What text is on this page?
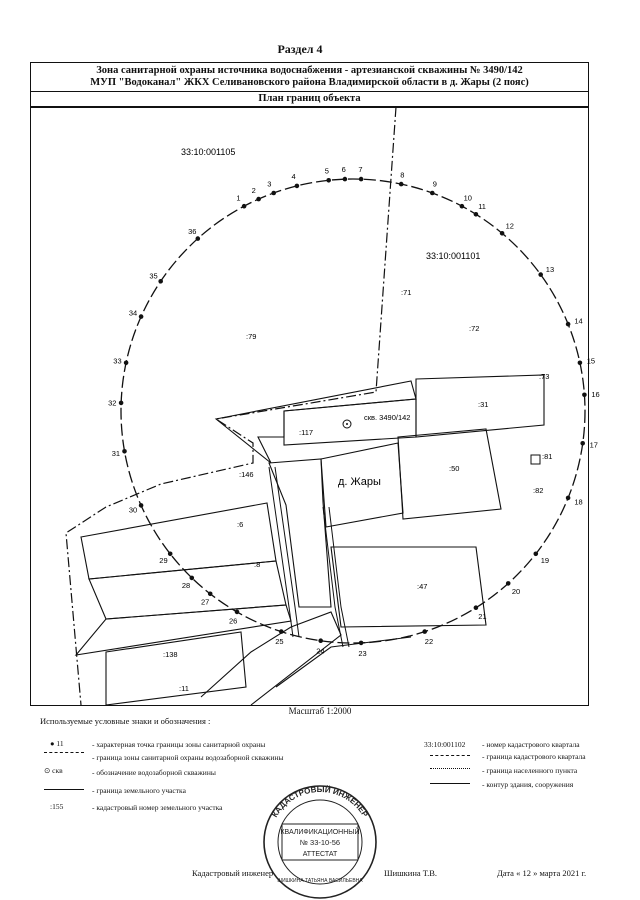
Раздел 4
Зона санитарной охраны источника водоснабжения - артезианской скважины № 3490/142
МУП "Водоканал" ЖКХ Селивановского района Владимирской области в д. Жары (2 пояс)
План границ объекта
скв. 3490/142
33:10:001105
33:10:001101
д. Жары
:79
:71
:72
:31
:73
:117
:146
:50
:6
:8
:47
:138
:11
:82
:81
1
2
3
4
5 6 7
8
9
10
11
12
13
14
15
16
17
18
19
20
21
22
23
24
25
26
27
28
29
30
31
32
33
34
35
36
Масштаб 1:2000
Используемые условные знаки и обозначения :
● 11	- характерная точка границы зоны санитарной охраны
- граница зоны санитарной охраны водозаборной скважины
⊙ скв	- обозначение водозаборной скважины
- граница земельного участка
:155	- кадастровый номер земельного участка
33:10:001102 - номер кадастрового квартала
- граница кадастрового квартала
- граница населенного пункта
- контур здания, сооружения
КАДАСТРОВЫЙ ИНЖЕНЕР
КВАЛИФИКАЦИОННЫЙ
№ 33-10-56
АТТЕСТАТ
ШИШКИНА ТАТЬЯНА ВАСИЛЬЕВНА
Кадастровый инженер	Шишкина Т.В.	Дата « 12 » марта 2021 г.
